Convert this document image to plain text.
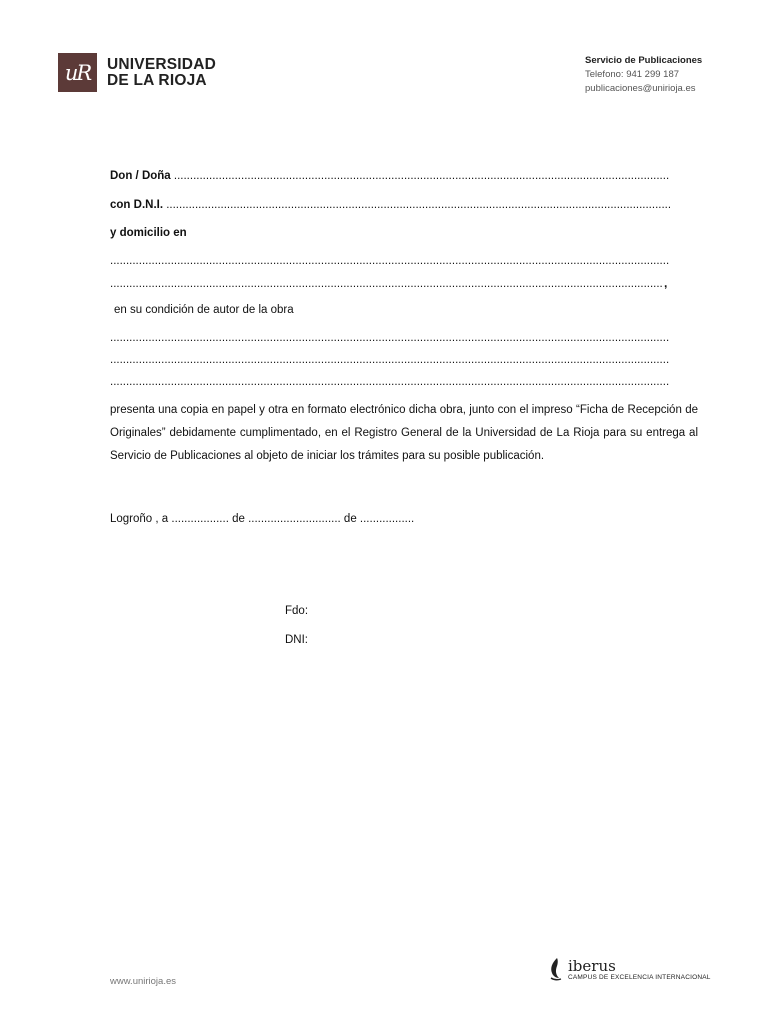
uR	UNIVERSIDAD
DE LA RIOJA
Servicio de Publicaciones
Telefono: 941 299 187
publicaciones@unirioja.es
Don / Doña .....
con D.N.I. .....
y domicilio en
.....
.....
,
en su condición de autor de la obra
.....
.....
.....
presenta una copia en papel y otra en formato electrónico dicha obra, junto con el impreso “Ficha de Recepción de Originales” debidamente cumplimentado, en el Registro General de la Universidad de La Rioja para su entrega al Servicio de Publicaciones al objeto de iniciar los trámites para su posible publicación.
Logroño , a .................. de ............................. de .................
Fdo:
DNI:
www.unirioja.es
iberus
CAMPUS DE EXCELENCIA INTERNACIONAL
